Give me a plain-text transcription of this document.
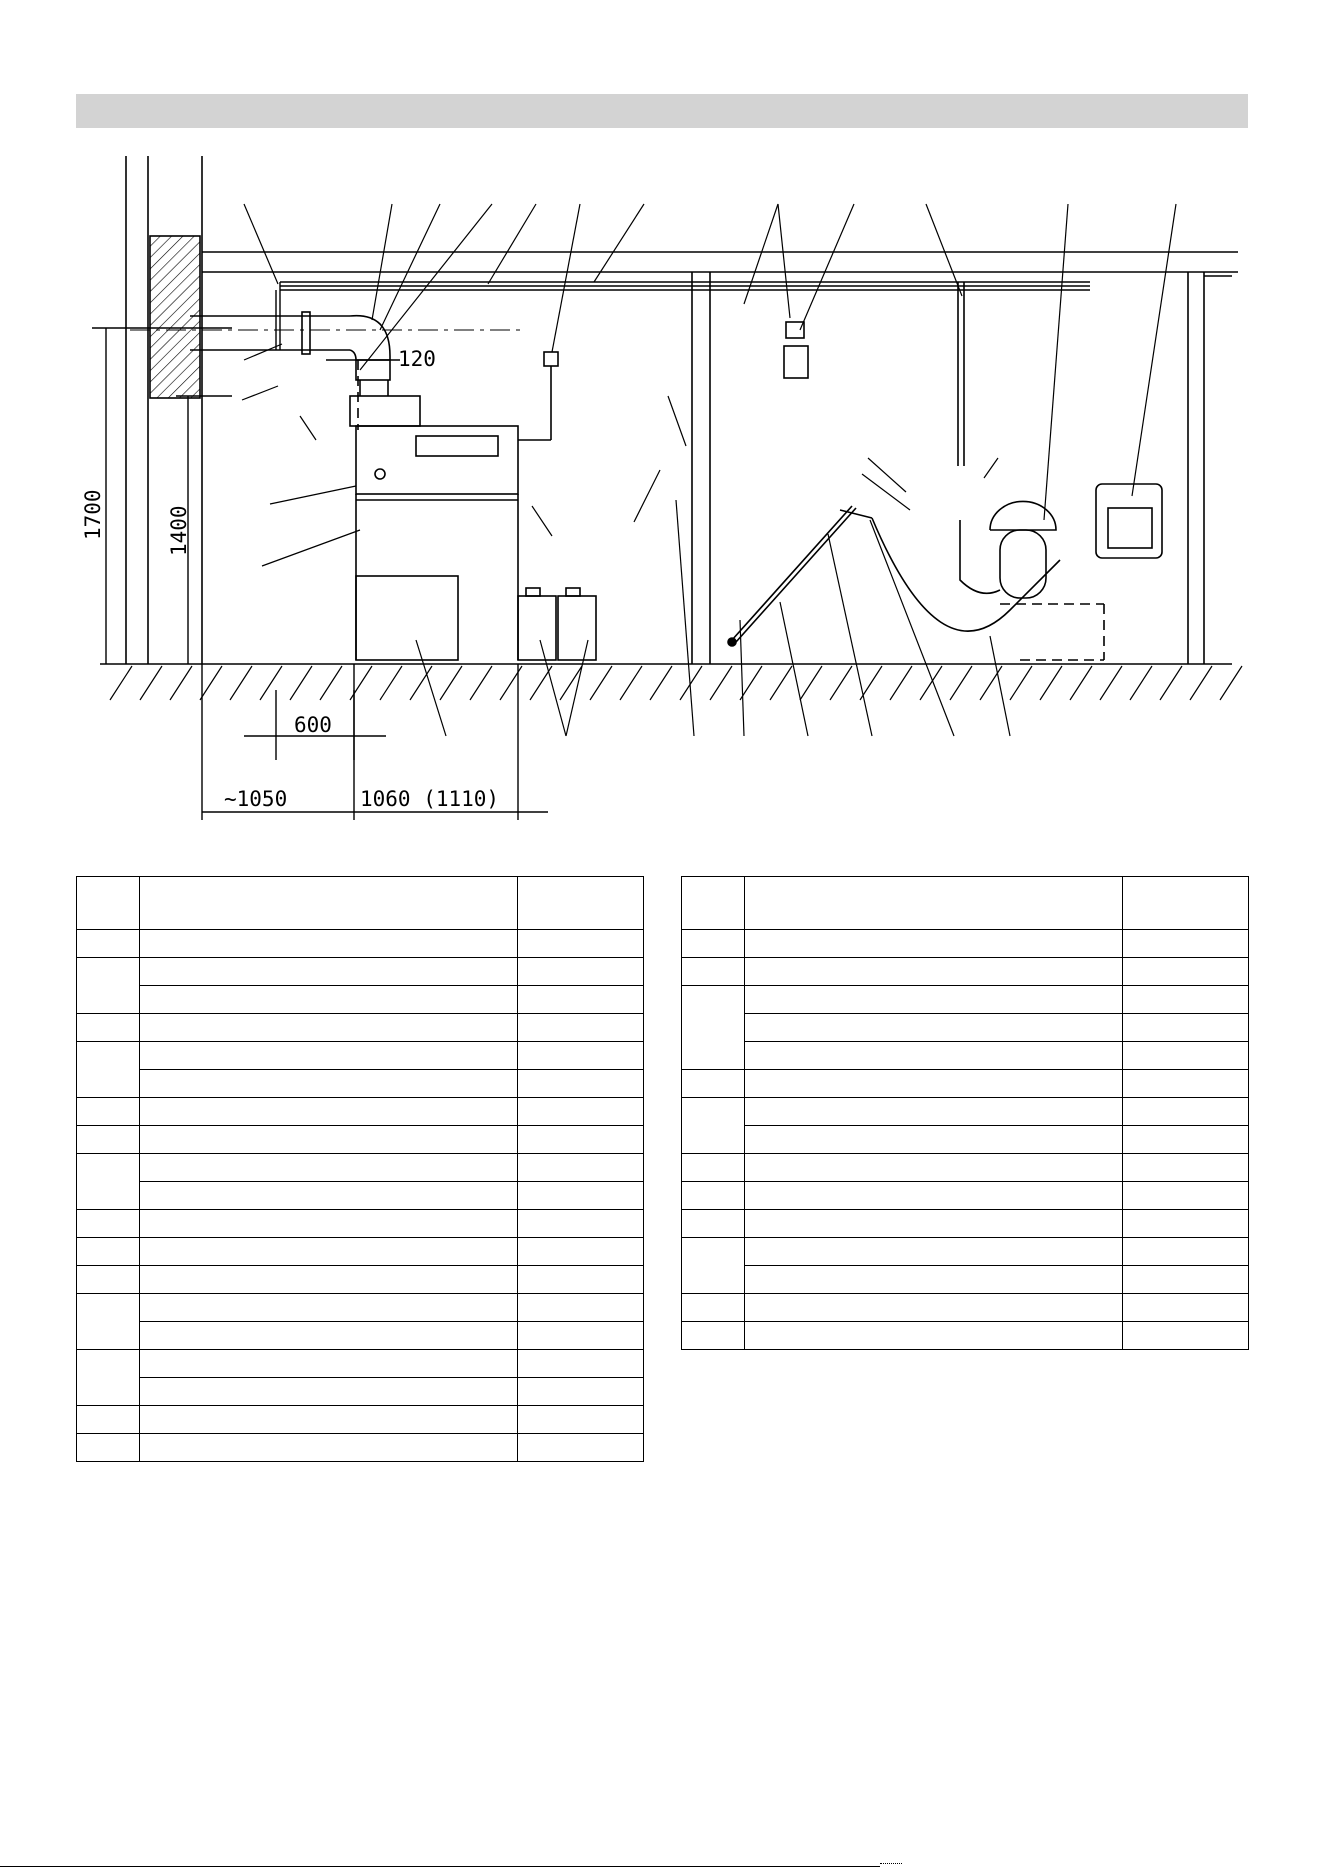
1700	1400
120
600
~1050	1060 (1110)
